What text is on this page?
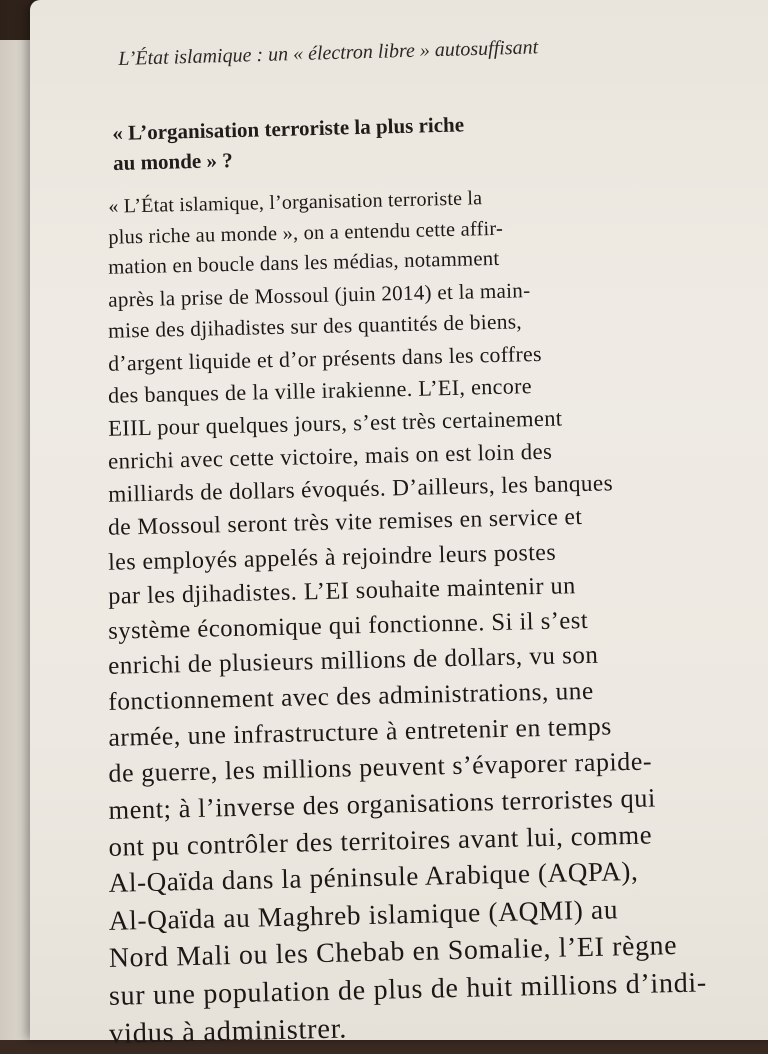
L’État islamique : un « électron libre » autosuffisant
« L’organisation terroriste la plus riche
au monde » ?
« L’État islamique, l’organisation terroriste la
plus riche au monde », on a entendu cette affir-
mation en boucle dans les médias, notamment
après la prise de Mossoul (juin 2014) et la main-
mise des djihadistes sur des quantités de biens,
d’argent liquide et d’or présents dans les coffres
des banques de la ville irakienne. L’EI, encore
EIIL pour quelques jours, s’est très certainement
enrichi avec cette victoire, mais on est loin des
milliards de dollars évoqués. D’ailleurs, les banques
de Mossoul seront très vite remises en service et
les employés appelés à rejoindre leurs postes
par les djihadistes. L’EI souhaite maintenir un
système économique qui fonctionne. Si il s’est
enrichi de plusieurs millions de dollars, vu son
fonctionnement avec des administrations, une
armée, une infrastructure à entretenir en temps
de guerre, les millions peuvent s’évaporer rapide-
ment; à l’inverse des organisations terroristes qui
ont pu contrôler des territoires avant lui, comme
Al-Qaïda dans la péninsule Arabique (AQPA),
Al-Qaïda au Maghreb islamique (AQMI) au
Nord Mali ou les Chebab en Somalie, l’EI règne
sur une population de plus de huit millions d’indi-
vidus à administrer.
